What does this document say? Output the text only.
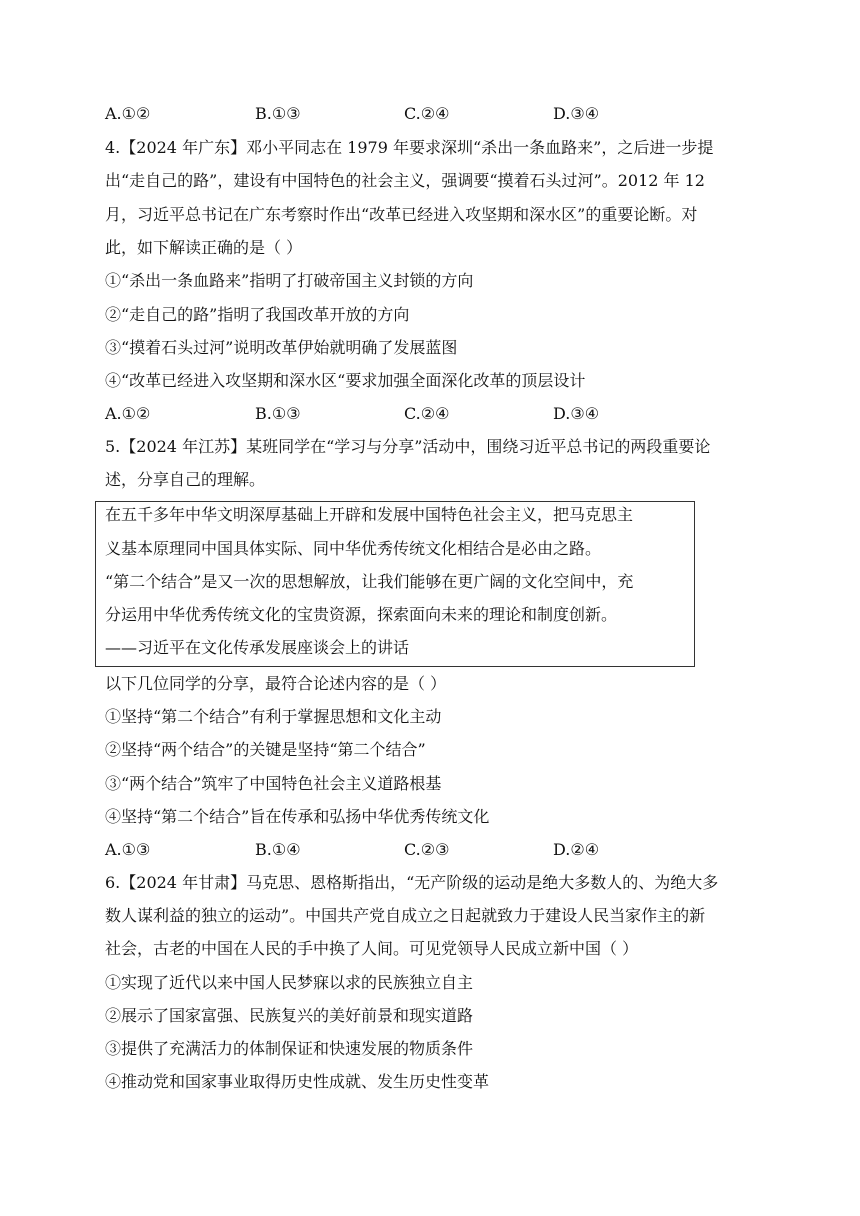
A.①②	B.①③	C.②④	D.③④
4.【2024 年广东】邓小平同志在 1979 年要求深圳“杀出一条血路来”，之后进一步提
出“走自己的路”，建设有中国特色的社会主义，强调要“摸着石头过河”。2012 年 12
月，习近平总书记在广东考察时作出“改革已经进入攻坚期和深水区”的重要论断。对
此，如下解读正确的是（ ）
①“杀出一条血路来”指明了打破帝国主义封锁的方向
②“走自己的路”指明了我国改革开放的方向
③“摸着石头过河”说明改革伊始就明确了发展蓝图
④“改革已经进入攻坚期和深水区“要求加强全面深化改革的顶层设计
A.①②	B.①③	C.②④	D.③④
5.【2024 年江苏】某班同学在“学习与分享”活动中，围绕习近平总书记的两段重要论
述，分享自己的理解。
在五千多年中华文明深厚基础上开辟和发展中国特色社会主义，把马克思主
义基本原理同中国具体实际、同中华优秀传统文化相结合是必由之路。
“第二个结合”是又一次的思想解放，让我们能够在更广阔的文化空间中，充
分运用中华优秀传统文化的宝贵资源，探索面向未来的理论和制度创新。
——习近平在文化传承发展座谈会上的讲话
以下几位同学的分享，最符合论述内容的是（ ）
①坚持“第二个结合”有利于掌握思想和文化主动
②坚持“两个结合”的关键是坚持“第二个结合”
③“两个结合”筑牢了中国特色社会主义道路根基
④坚持“第二个结合”旨在传承和弘扬中华优秀传统文化
A.①③	B.①④	C.②③	D.②④
6.【2024 年甘肃】马克思、恩格斯指出，“无产阶级的运动是绝大多数人的、为绝大多
数人谋利益的独立的运动”。中国共产党自成立之日起就致力于建设人民当家作主的新
社会，古老的中国在人民的手中换了人间。可见党领导人民成立新中国（ ）
①实现了近代以来中国人民梦寐以求的民族独立自主
②展示了国家富强、民族复兴的美好前景和现实道路
③提供了充满活力的体制保证和快速发展的物质条件
④推动党和国家事业取得历史性成就、发生历史性变革
